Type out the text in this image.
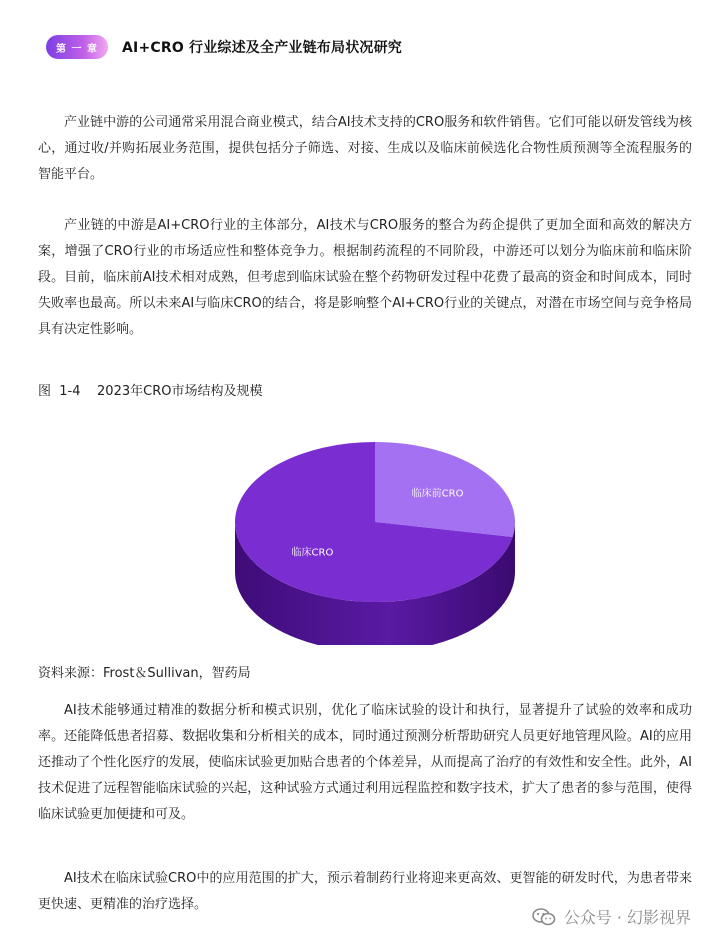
第 一 章	AI+CRO 行业综述及全产业链布局状况研究

产业链中游的公司通常采用混合商业模式，结合AI技术支持的CRO服务和软件销售。它们可能以研发管线为核心，通过收/并购拓展业务范围，提供包括分子筛选、对接、生成以及临床前候选化合物性质预测等全流程服务的智能平台。

产业链的中游是AI+CRO行业的主体部分，AI技术与CRO服务的整合为药企提供了更加全面和高效的解决方案，增强了CRO行业的市场适应性和整体竞争力。根据制药流程的不同阶段，中游还可以划分为临床前和临床阶段。目前，临床前AI技术相对成熟，但考虑到临床试验在整个药物研发过程中花费了最高的资金和时间成本，同时失败率也最高。所以未来AI与临床CRO的结合，将是影响整个AI+CRO行业的关键点，对潜在市场空间与竞争格局具有决定性影响。

图  1-4    2023年CRO市场结构及规模
临床前CRO
临床CRO
资料来源：Frost＆Sullivan，智药局

AI技术能够通过精准的数据分析和模式识别，优化了临床试验的设计和执行，显著提升了试验的效率和成功率。还能降低患者招募、数据收集和分析相关的成本，同时通过预测分析帮助研究人员更好地管理风险。AI的应用还推动了个性化医疗的发展，使临床试验更加贴合患者的个体差异，从而提高了治疗的有效性和安全性。此外，AI技术促进了远程智能临床试验的兴起，这种试验方式通过利用远程监控和数字技术，扩大了患者的参与范围，使得临床试验更加便捷和可及。

AI技术在临床试验CRO中的应用范围的扩大，预示着制药行业将迎来更高效、更智能的研发时代，为患者带来更快速、更精准的治疗选择。

公众号 · 幻影视界
